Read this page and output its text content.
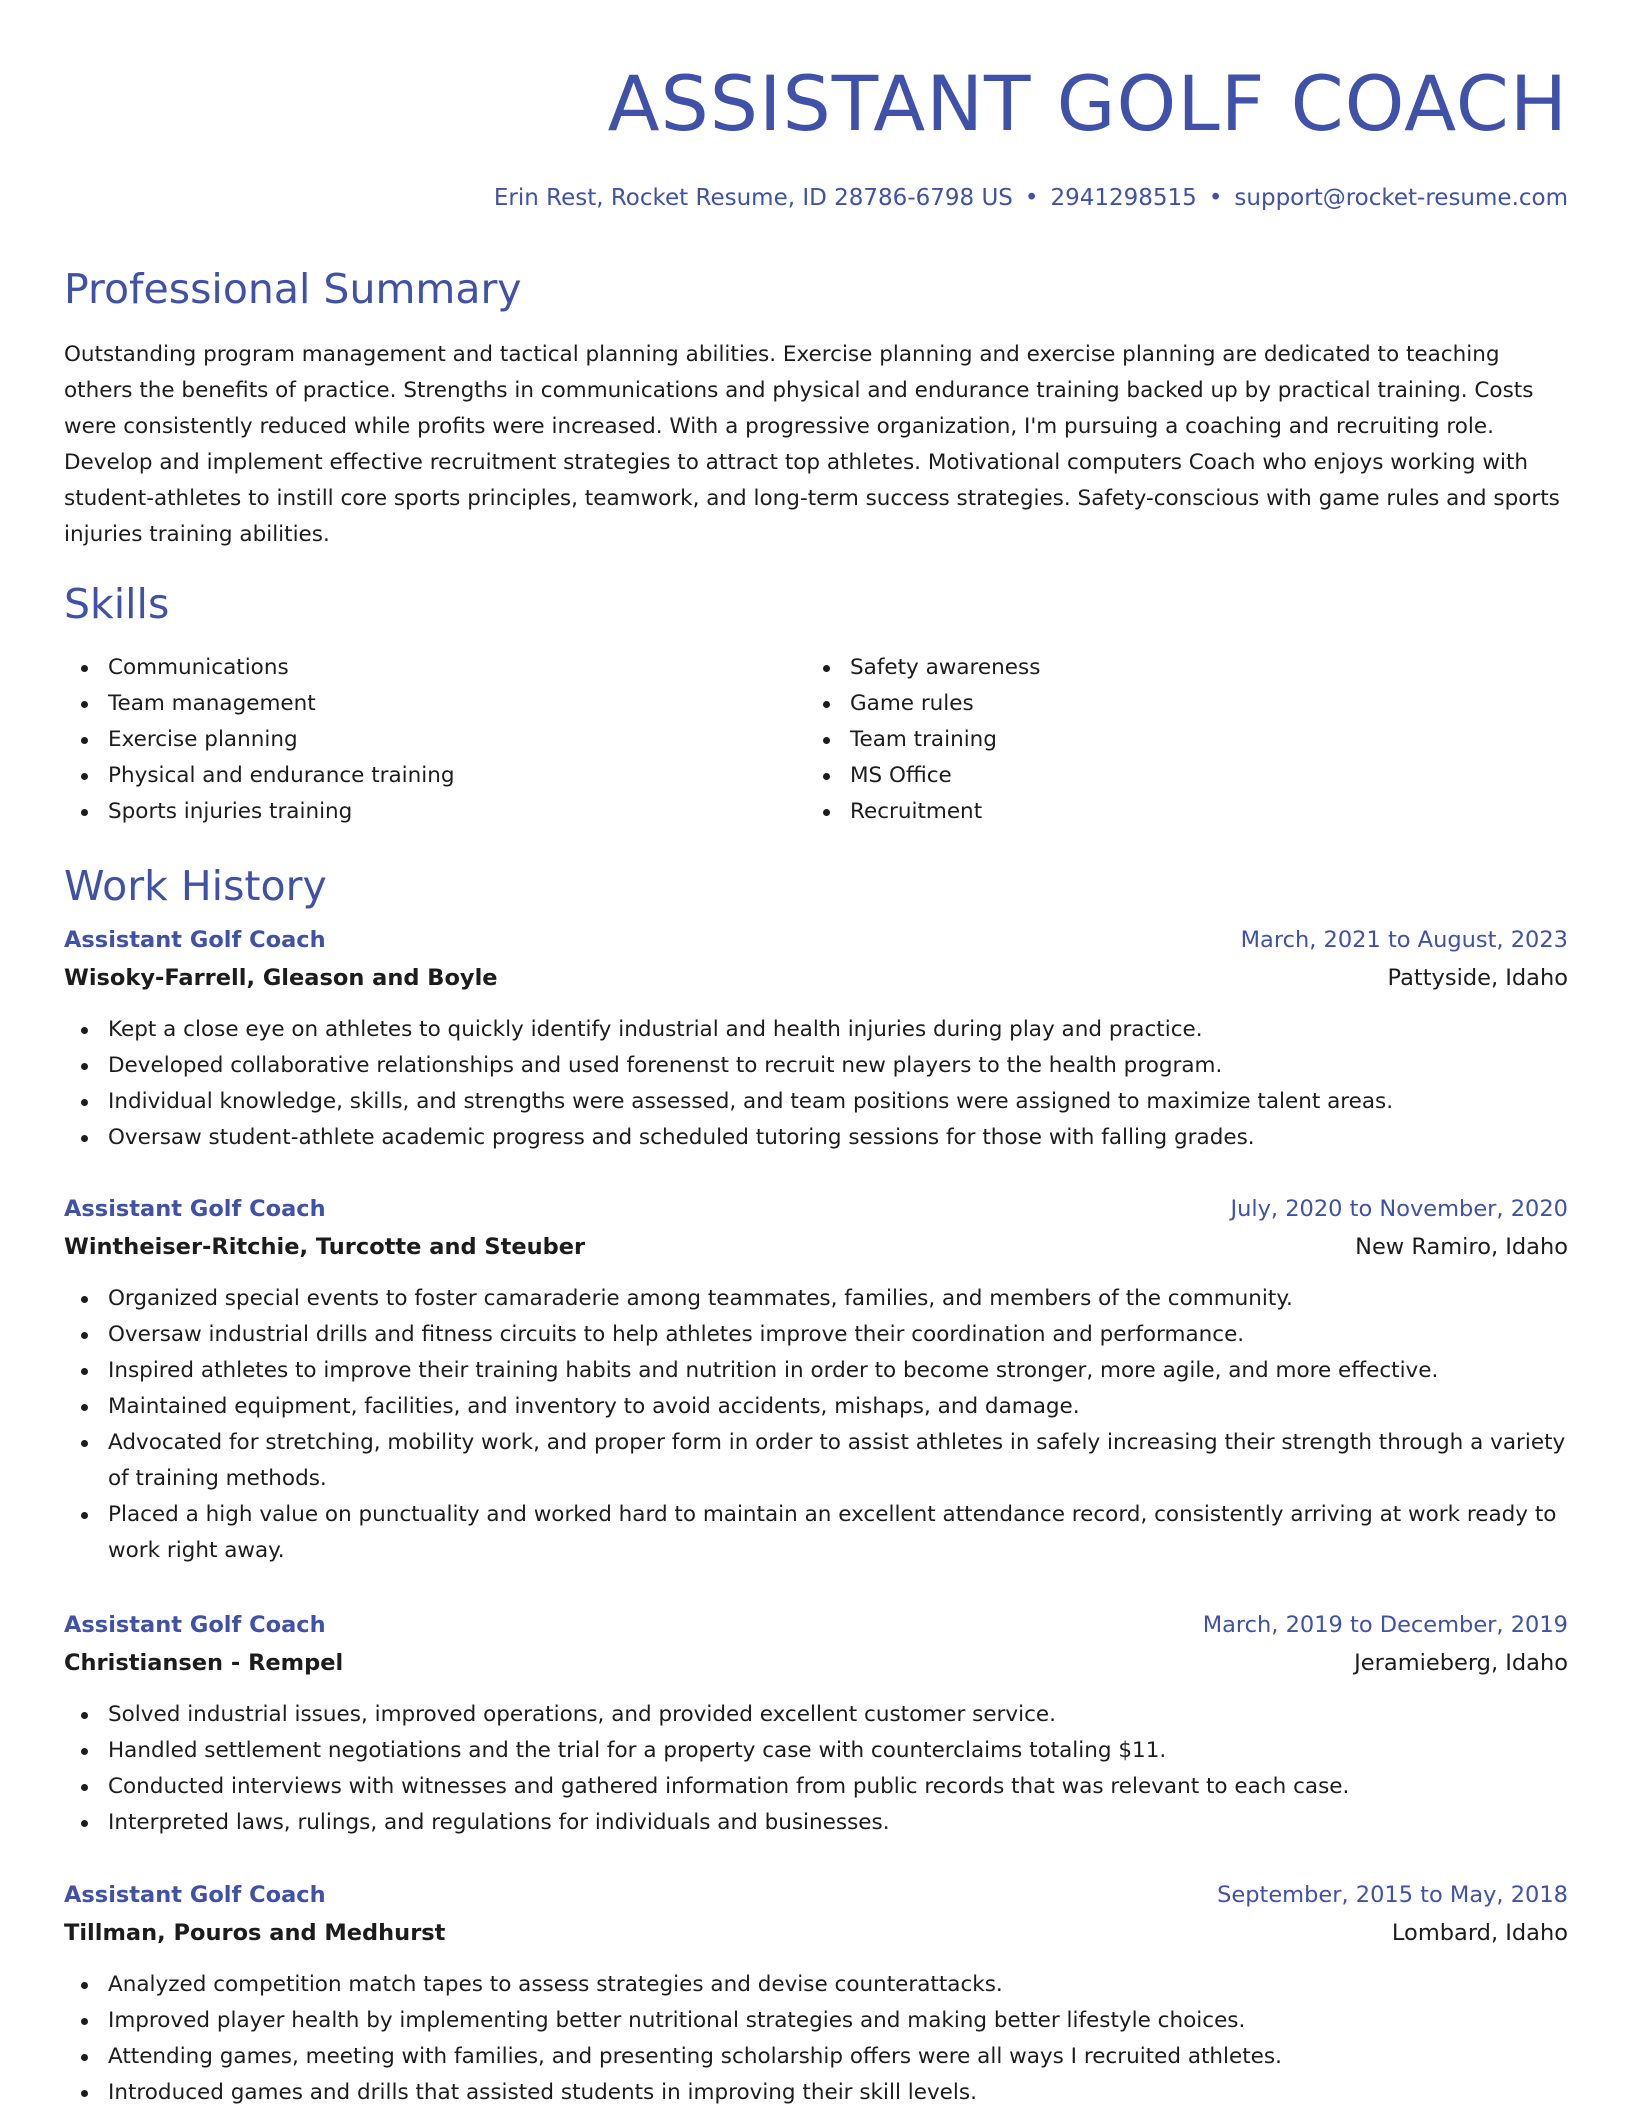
ASSISTANT GOLF COACH
Erin Rest, Rocket Resume, ID 28786-6798 US • 2941298515 • support@rocket-resume.com
Professional Summary

Outstanding program management and tactical planning abilities. Exercise planning and exercise planning are dedicated to teaching others the benefits of practice. Strengths in communications and physical and endurance training backed up by practical training. Costs were consistently reduced while profits were increased. With a progressive organization, I'm pursuing a coaching and recruiting role. Develop and implement effective recruitment strategies to attract top athletes. Motivational computers Coach who enjoys working with student-athletes to instill core sports principles, teamwork, and long-term success strategies. Safety-conscious with game rules and sports injuries training abilities.

Skills
Communications
Team management
Exercise planning
Physical and endurance training
Sports injuries training
Safety awareness
Game rules
Team training
MS Office
Recruitment
Work History
Assistant Golf Coach	March, 2021 to August, 2023
Wisoky-Farrell, Gleason and Boyle	Pattyside, Idaho
Kept a close eye on athletes to quickly identify industrial and health injuries during play and practice.
Developed collaborative relationships and used forenenst to recruit new players to the health program.
Individual knowledge, skills, and strengths were assessed, and team positions were assigned to maximize talent areas.
Oversaw student-athlete academic progress and scheduled tutoring sessions for those with falling grades.
Assistant Golf Coach	July, 2020 to November, 2020
Wintheiser-Ritchie, Turcotte and Steuber	New Ramiro, Idaho
Organized special events to foster camaraderie among teammates, families, and members of the community.
Oversaw industrial drills and fitness circuits to help athletes improve their coordination and performance.
Inspired athletes to improve their training habits and nutrition in order to become stronger, more agile, and more effective.
Maintained equipment, facilities, and inventory to avoid accidents, mishaps, and damage.
Advocated for stretching, mobility work, and proper form in order to assist athletes in safely increasing their strength through a variety of training methods.
Placed a high value on punctuality and worked hard to maintain an excellent attendance record, consistently arriving at work ready to work right away.
Assistant Golf Coach	March, 2019 to December, 2019
Christiansen - Rempel	Jeramieberg, Idaho
Solved industrial issues, improved operations, and provided excellent customer service.
Handled settlement negotiations and the trial for a property case with counterclaims totaling $11.
Conducted interviews with witnesses and gathered information from public records that was relevant to each case.
Interpreted laws, rulings, and regulations for individuals and businesses.
Assistant Golf Coach	September, 2015 to May, 2018
Tillman, Pouros and Medhurst	Lombard, Idaho
Analyzed competition match tapes to assess strategies and devise counterattacks.
Improved player health by implementing better nutritional strategies and making better lifestyle choices.
Attending games, meeting with families, and presenting scholarship offers were all ways I recruited athletes.
Introduced games and drills that assisted students in improving their skill levels.
